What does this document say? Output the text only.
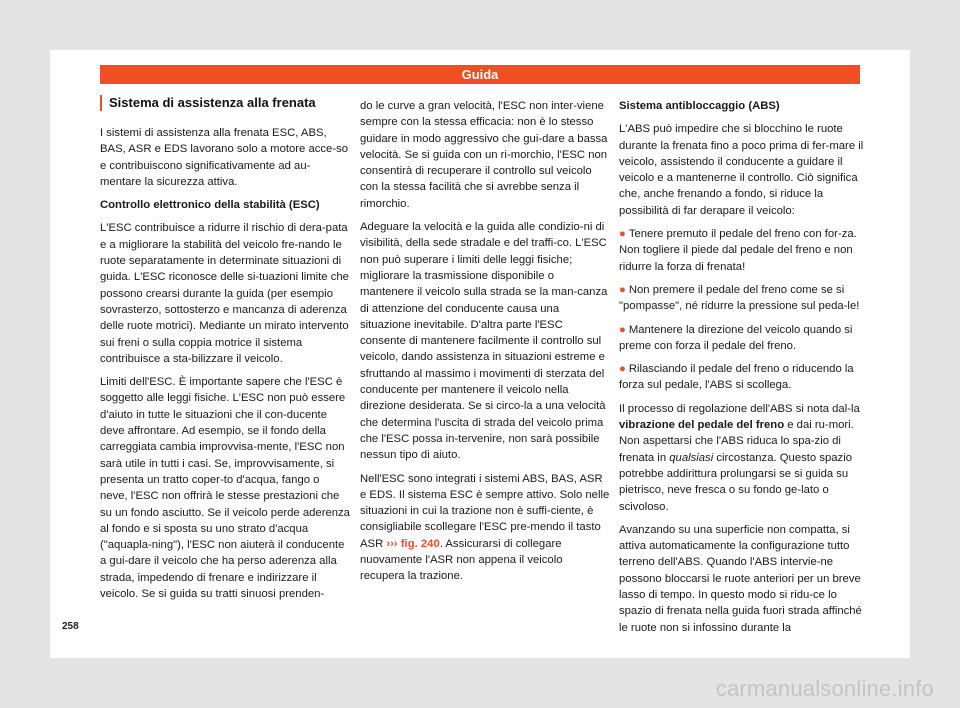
Guida
Sistema di assistenza alla frenata

I sistemi di assistenza alla frenata ESC, ABS, BAS, ASR e EDS lavorano solo a motore acce-so e contribuiscono significativamente ad au-mentare la sicurezza attiva.

Controllo elettronico della stabilità (ESC)

L'ESC contribuisce a ridurre il rischio di dera-pata e a migliorare la stabilità del veicolo fre-nando le ruote separatamente in determinate situazioni di guida. L'ESC riconosce delle si-tuazioni limite che possono crearsi durante la guida (per esempio sovrasterzo, sottosterzo e mancanza di aderenza delle ruote motrici). Mediante un mirato intervento sui freni o sulla coppia motrice il sistema contribuisce a sta-bilizzare il veicolo.

Limiti dell'ESC. È importante sapere che l'ESC è soggetto alle leggi fisiche. L'ESC non può essere d'aiuto in tutte le situazioni che il con-ducente deve affrontare. Ad esempio, se il fondo della carreggiata cambia improvvisa-mente, l'ESC non sarà utile in tutti i casi. Se, improvvisamente, si presenta un tratto coper-to d'acqua, fango o neve, l'ESC non offrirà le stesse prestazioni che su un fondo asciutto. Se il veicolo perde aderenza al fondo e si sposta su uno strato d'acqua ("aquapla-ning"), l'ESC non aiuterà il conducente a gui-dare il veicolo che ha perso aderenza alla strada, impedendo di frenare e indirizzare il veicolo. Se si guida su tratti sinuosi prenden-

do le curve a gran velocità, l'ESC non inter-viene sempre con la stessa efficacia: non è lo stesso guidare in modo aggressivo che gui-dare a bassa velocità. Se si guida con un ri-morchio, l'ESC non consentirà di recuperare il controllo sul veicolo con la stessa facilità che si avrebbe senza il rimorchio.

Adeguare la velocità e la guida alle condizio-ni di visibilità, della sede stradale e del traffi-co. L'ESC non può superare i limiti delle leggi fisiche; migliorare la trasmissione disponibile o mantenere il veicolo sulla strada se la man-canza di attenzione del conducente causa una situazione inevitabile. D'altra parte l'ESC consente di mantenere facilmente il controllo sul veicolo, dando assistenza in situazioni estreme e sfruttando al massimo i movimenti di sterzata del conducente per mantenere il veicolo nella direzione desiderata. Se si circo-la a una velocità che determina l'uscita di strada del veicolo prima che l'ESC possa in-tervenire, non sarà possibile nessun tipo di aiuto.

Nell'ESC sono integrati i sistemi ABS, BAS, ASR e EDS. Il sistema ESC è sempre attivo. Solo nelle situazioni in cui la trazione non è suffi-ciente, è consigliabile scollegare l'ESC pre-mendo il tasto ASR ››› fig. 240. Assicurarsi di collegare nuovamente l'ASR non appena il veicolo recupera la trazione.

Sistema antibloccaggio (ABS)

L'ABS può impedire che si blocchino le ruote durante la frenata fino a poco prima di fer-mare il veicolo, assistendo il conducente a guidare il veicolo e a mantenerne il controllo. Ciò significa che, anche frenando a fondo, si riduce la possibilità di far derapare il veicolo:

● Tenere premuto il pedale del freno con for-za. Non togliere il piede dal pedale del freno e non ridurre la forza di frenata!

● Non premere il pedale del freno come se si "pompasse", né ridurre la pressione sul peda-le!

● Mantenere la direzione del veicolo quando si preme con forza il pedale del freno.

● Rilasciando il pedale del freno o riducendo la forza sul pedale, l'ABS si scollega.

Il processo di regolazione dell'ABS si nota dal-la vibrazione del pedale del freno e dai ru-mori. Non aspettarsi che l'ABS riduca lo spa-zio di frenata in qualsiasi circostanza. Questo spazio potrebbe addirittura prolungarsi se si guida su pietrisco, neve fresca o su fondo ge-lato o scivoloso.

Avanzando su una superficie non compatta, si attiva automaticamente la configurazione tutto terreno dell'ABS. Quando l'ABS intervie-ne possono bloccarsi le ruote anteriori per un breve lasso di tempo. In questo modo si ridu-ce lo spazio di frenata nella guida fuori strada affinché le ruote non si infossino durante la

258
carmanualsonline.info
